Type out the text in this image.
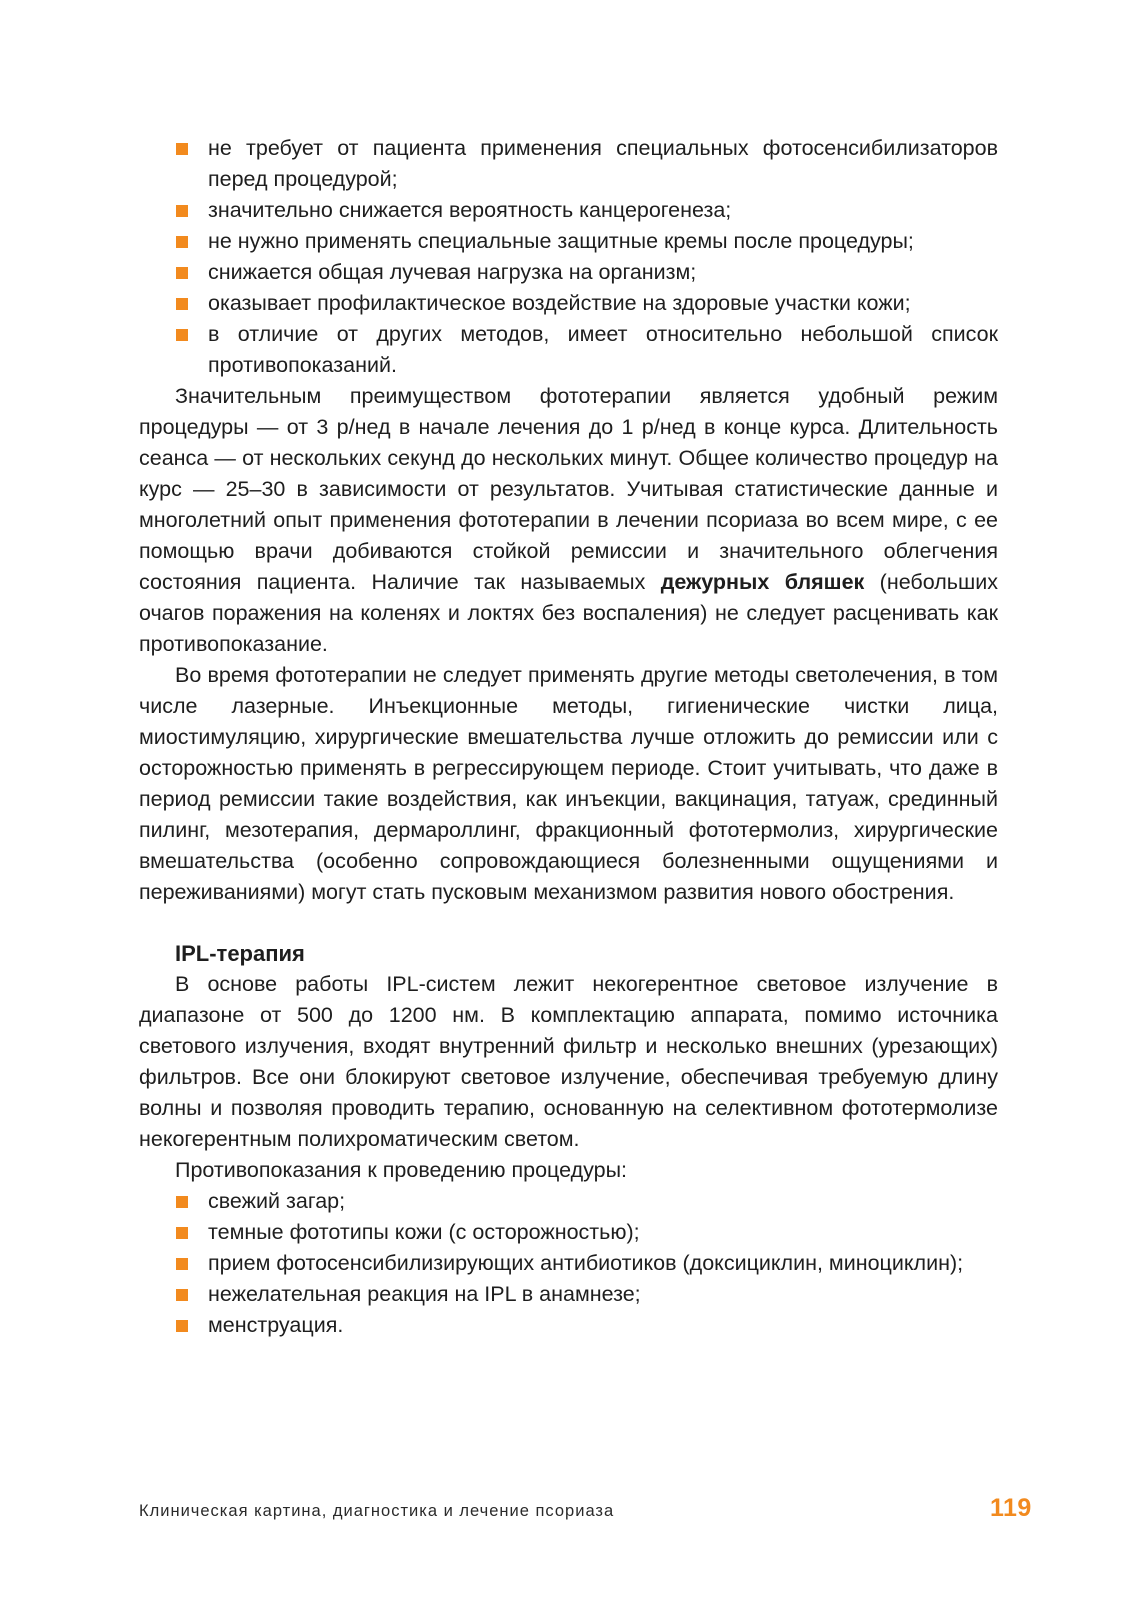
не требует от пациента применения специальных фотосенсибилизаторов перед процедурой;
значительно снижается вероятность канцерогенеза;
не нужно применять специальные защитные кремы после процедуры;
снижается общая лучевая нагрузка на организм;
оказывает профилактическое воздействие на здоровые участки кожи;
в отличие от других методов, имеет относительно небольшой список противопоказаний.

Значительным преимуществом фототерапии является удобный режим процедуры — от 3 р/нед в начале лечения до 1 р/нед в конце курса. Длительность сеанса — от нескольких секунд до нескольких минут. Общее количество процедур на курс — 25–30 в зависимости от результатов. Учитывая статистические данные и многолетний опыт применения фототерапии в лечении псориаза во всем мире, с ее помощью врачи добиваются стойкой ремиссии и значительного облегчения состояния пациента. Наличие так называемых дежурных бляшек (небольших очагов поражения на коленях и локтях без воспаления) не следует расценивать как противопоказание.

Во время фототерапии не следует применять другие методы светолечения, в том числе лазерные. Инъекционные методы, гигиенические чистки лица, миостимуляцию, хирургические вмешательства лучше отложить до ремиссии или с осторожностью применять в регрессирующем периоде. Стоит учитывать, что даже в период ремиссии такие воздействия, как инъекции, вакцинация, татуаж, срединный пилинг, мезотерапия, дермароллинг, фракционный фототермолиз, хирургические вмешательства (особенно сопровождающиеся болезненными ощущениями и переживаниями) могут стать пусковым механизмом развития нового обострения.

IPL-терапия

В основе работы IPL-систем лежит некогерентное световое излучение в диапазоне от 500 до 1200 нм. В комплектацию аппарата, помимо источника светового излучения, входят внутренний фильтр и несколько внешних (урезающих) фильтров. Все они блокируют световое излучение, обеспечивая требуемую длину волны и позволяя проводить терапию, основанную на селективном фототермолизе некогерентным полихроматическим светом.

Противопоказания к проведению процедуры:

свежий загар;
темные фототипы кожи (с осторожностью);
прием фотосенсибилизирующих антибиотиков (доксициклин, миноциклин);
нежелательная реакция на IPL в анамнезе;
менструация.
Клиническая картина, диагностика и лечение псориаза	119
